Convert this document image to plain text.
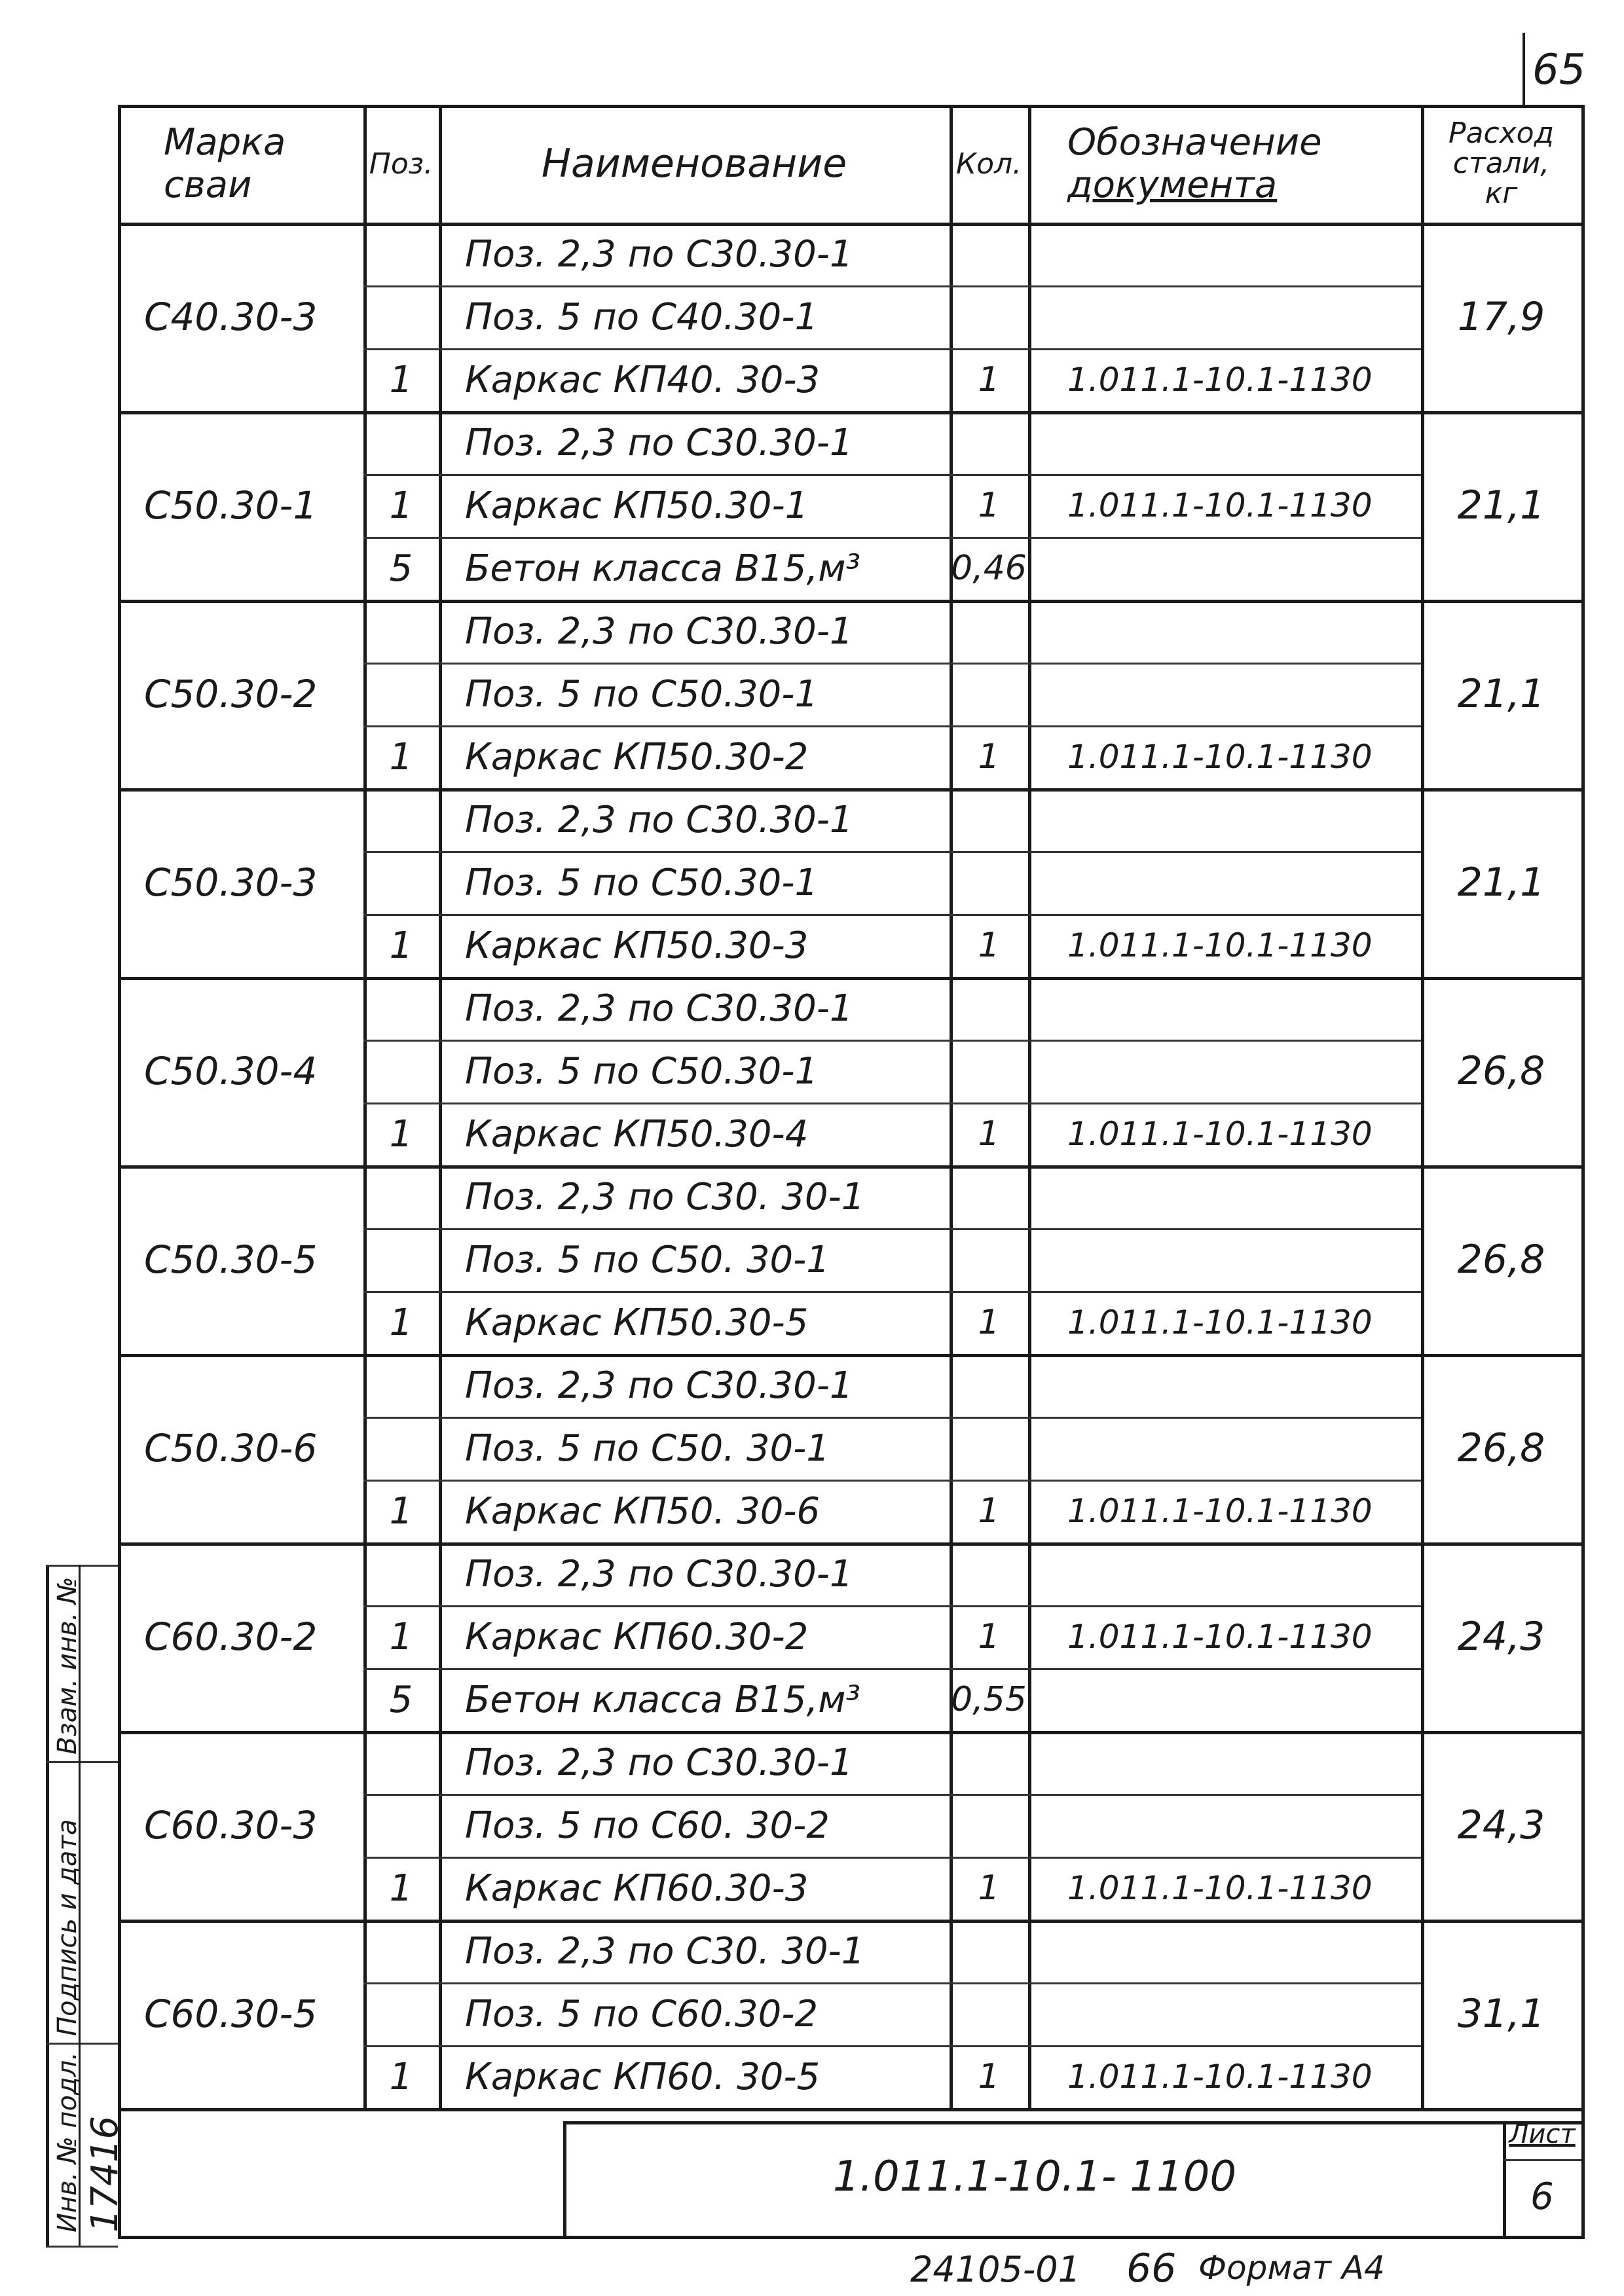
65
Марка
сваи	Поз.	Наименование	Кол. Обозначение
документа
Расход
стали,
кг
С40.30-3	17,9
Поз. 2,3 по С30.30-1
Поз. 5 по С40.30-1
1	Каркас КП40. 30-3	1	1.011.1-10.1-1130
С50.30-1	21,1
Поз. 2,3 по С30.30-1
1	Каркас КП50.30-1	1	1.011.1-10.1-1130
5	Бетон класса В15,м³	0,46
С50.30-2	21,1
Поз. 2,3 по С30.30-1
Поз. 5 по С50.30-1
1	Каркас КП50.30-2	1	1.011.1-10.1-1130
С50.30-3	21,1
Поз. 2,3 по С30.30-1
Поз. 5 по С50.30-1
1	Каркас КП50.30-3	1	1.011.1-10.1-1130
С50.30-4	26,8
Поз. 2,3 по С30.30-1
Поз. 5 по С50.30-1
1	Каркас КП50.30-4	1	1.011.1-10.1-1130
С50.30-5	26,8
Поз. 2,3 по С30. 30-1
Поз. 5 по С50. 30-1
1	Каркас КП50.30-5	1	1.011.1-10.1-1130
С50.30-6	26,8
Поз. 2,3 по С30.30-1
Поз. 5 по С50. 30-1
1	Каркас КП50. 30-6	1	1.011.1-10.1-1130
С60.30-2	24,3
Поз. 2,3 по С30.30-1
1	Каркас КП60.30-2	1	1.011.1-10.1-1130
5	Бетон класса В15,м³	0,55
С60.30-3	24,3
Поз. 2,3 по С30.30-1
Поз. 5 по С60. 30-2
1	Каркас КП60.30-3	1	1.011.1-10.1-1130
С60.30-5	31,1
Поз. 2,3 по С30. 30-1
Поз. 5 по С60.30-2
1	Каркас КП60. 30-5	1	1.011.1-10.1-1130
1.011.1-10.1- 1100
Лист
6
Инв. № подл.
Подпись и дата
Взам. инв. №
17416
24105-01 66 Формат А4
